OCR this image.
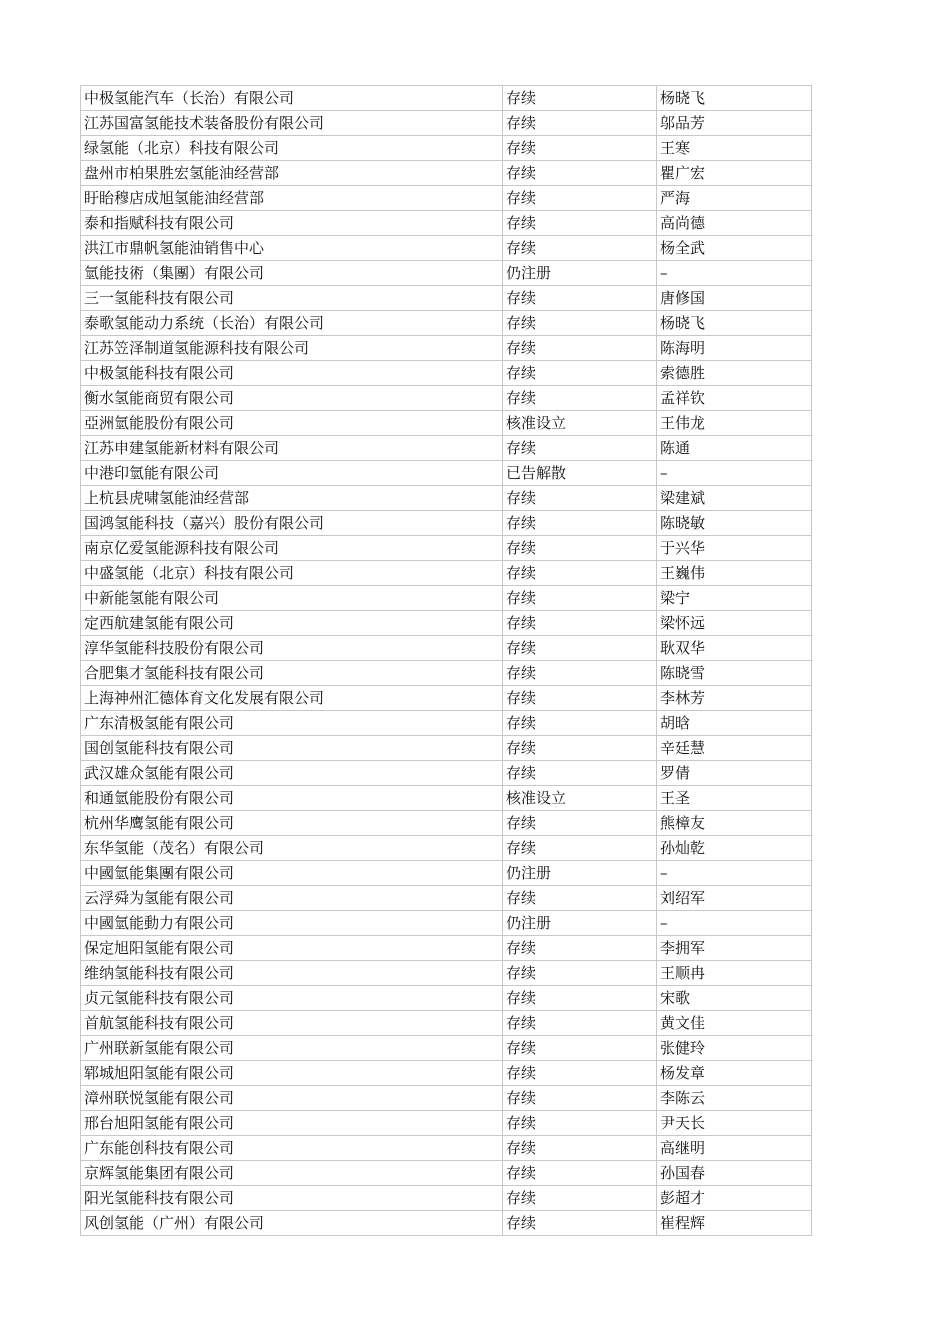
中极氢能汽车（长治）有限公司	存续	杨晓飞
江苏国富氢能技术装备股份有限公司	存续	邬品芳
绿氢能（北京）科技有限公司	存续	王寒
盘州市柏果胜宏氢能油经营部	存续	瞿广宏
盱眙穆店成旭氢能油经营部	存续	严海
泰和指赋科技有限公司	存续	高尚德
洪江市鼎帆氢能油销售中心	存续	杨全武
氫能技術（集團）有限公司	仍注册	–
三一氢能科技有限公司	存续	唐修国
泰歌氢能动力系统（长治）有限公司	存续	杨晓飞
江苏笠泽制道氢能源科技有限公司	存续	陈海明
中极氢能科技有限公司	存续	索德胜
衡水氢能商贸有限公司	存续	孟祥钦
亞洲氫能股份有限公司	核准设立	王伟龙
江苏申建氢能新材料有限公司	存续	陈通
中港印氫能有限公司	已告解散	–
上杭县虎啸氢能油经营部	存续	梁建斌
国鸿氢能科技（嘉兴）股份有限公司	存续	陈晓敏
南京亿爱氢能源科技有限公司	存续	于兴华
中盛氢能（北京）科技有限公司	存续	王巍伟
中新能氢能有限公司	存续	梁宁
定西航建氢能有限公司	存续	梁怀远
淳华氢能科技股份有限公司	存续	耿双华
合肥集才氢能科技有限公司	存续	陈晓雪
上海神州汇德体育文化发展有限公司	存续	李林芳
广东清极氢能有限公司	存续	胡晗
国创氢能科技有限公司	存续	辛廷慧
武汉雄众氢能有限公司	存续	罗倩
和通氫能股份有限公司	核准设立	王圣
杭州华鹰氢能有限公司	存续	熊樟友
东华氢能（茂名）有限公司	存续	孙灿乾
中國氫能集團有限公司	仍注册	–
云浮舜为氢能有限公司	存续	刘绍军
中國氫能動力有限公司	仍注册	–
保定旭阳氢能有限公司	存续	李拥军
维纳氢能科技有限公司	存续	王顺冉
贞元氢能科技有限公司	存续	宋歌
首航氢能科技有限公司	存续	黄文佳
广州联新氢能有限公司	存续	张健玲
郓城旭阳氢能有限公司	存续	杨发章
漳州联悦氢能有限公司	存续	李陈云
邢台旭阳氢能有限公司	存续	尹天长
广东能创科技有限公司	存续	高继明
京辉氢能集团有限公司	存续	孙国春
阳光氢能科技有限公司	存续	彭超才
风创氢能（广州）有限公司	存续	崔程辉
